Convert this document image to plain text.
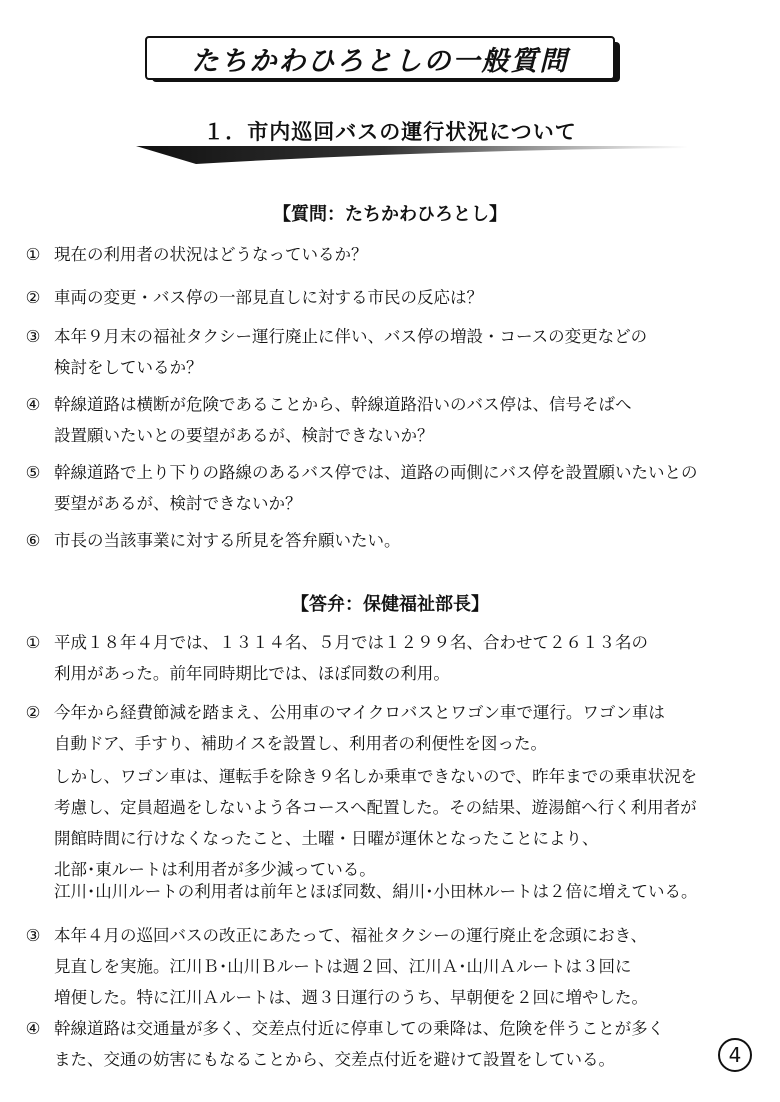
たちかわひろとしの一般質問
１．市内巡回バスの運行状況について
【質問：たちかわひろとし】
① 現在の利用者の状況はどうなっているか？
② 車両の変更・バス停の一部見直しに対する市民の反応は？
③ 本年９月末の福祉タクシー運行廃止に伴い、バス停の増設・コースの変更などの
検討をしているか？
④ 幹線道路は横断が危険であることから、幹線道路沿いのバス停は、信号そばへ
設置願いたいとの要望があるが、検討できないか？
⑤ 幹線道路で上り下りの路線のあるバス停では、道路の両側にバス停を設置願いたいとの
要望があるが、検討できないか？
⑥ 市長の当該事業に対する所見を答弁願いたい。
【答弁：保健福祉部長】
① 平成１８年４月では、１３１４名、５月では１２９９名、合わせて２６１３名の
利用があった。前年同時期比では、ほぼ同数の利用。
② 今年から経費節減を踏まえ、公用車のマイクロバスとワゴン車で運行。ワゴン車は
自動ドア、手すり、補助イスを設置し、利用者の利便性を図った。
しかし、ワゴン車は、運転手を除き９名しか乗車できないので、昨年までの乗車状況を
考慮し、定員超過をしないよう各コースへ配置した。その結果、遊湯館へ行く利用者が
開館時間に行けなくなったこと、土曜・日曜が運休となったことにより、
北部･東ルートは利用者が多少減っている。
江川･山川ルートの利用者は前年とほぼ同数、絹川･小田林ルートは２倍に増えている。
③ 本年４月の巡回バスの改正にあたって、福祉タクシーの運行廃止を念頭におき、
見直しを実施。江川Ｂ･山川Ｂルートは週２回、江川Ａ･山川Ａルートは３回に
増便した。特に江川Ａルートは、週３日運行のうち、早朝便を２回に増やした。
④ 幹線道路は交通量が多く、交差点付近に停車しての乗降は、危険を伴うことが多く
また、交通の妨害にもなることから、交差点付近を避けて設置をしている。	4
